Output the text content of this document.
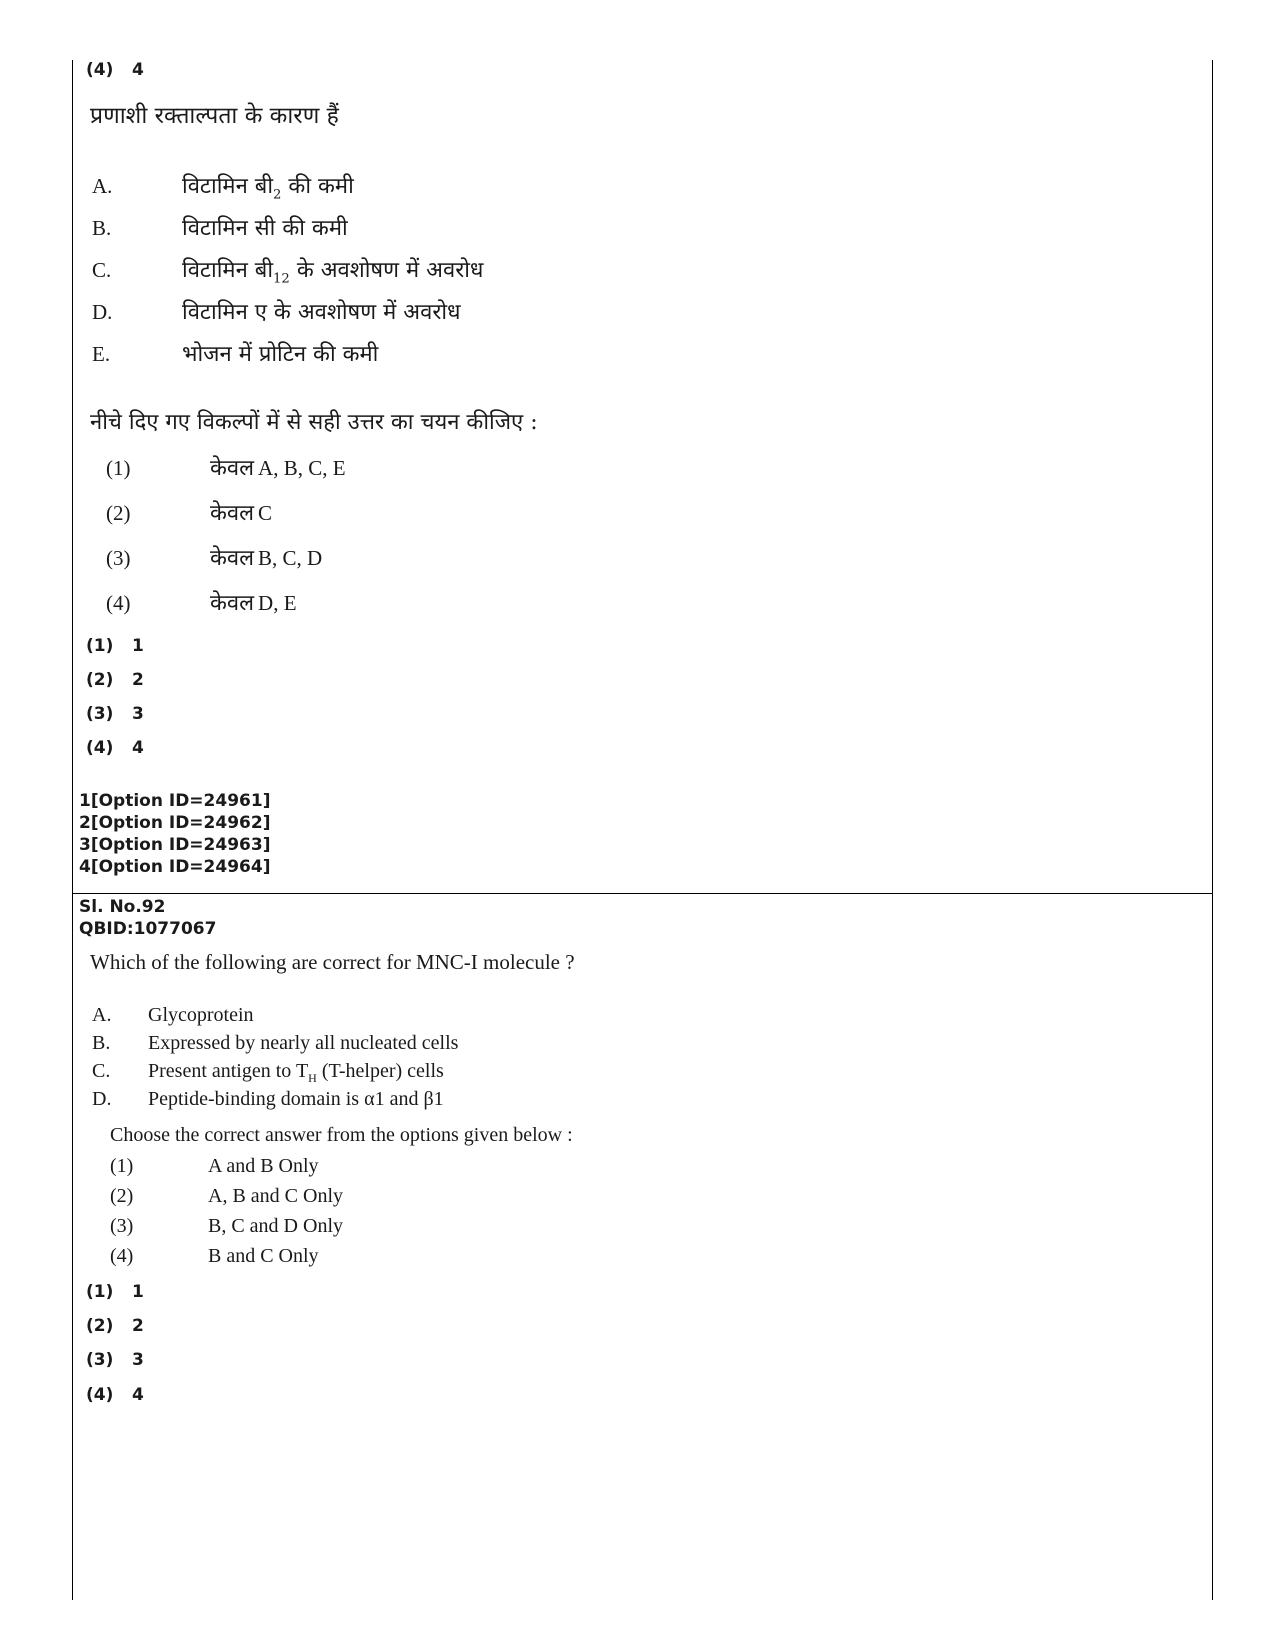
(4) 4
प्रणाशी रक्ताल्पता के कारण हैं
A.	विटामिन $बी_2$ की कमी
B.	विटामिन सी की कमी
C.	विटामिन $बी_{12}$ के अवशोषण में अवरोध
D.	विटामिन ए के अवशोषण में अवरोध
E.	भोजन में प्रोटिन की कमी
नीचे दिए गए विकल्पों में से सही उत्तर का चयन कीजिए :
(1)	केवल A, B, C, E
(2)	केवल C
(3)	केवल B, C, D
(4)	केवल D, E
(1) 1
(2) 2
(3) 3
(4) 4
1[Option ID=24961]
2[Option ID=24962]
3[Option ID=24963]
4[Option ID=24964]
Sl. No.92
QBID:1077067
Which of the following are correct for MNC-I molecule ?
A. Glycoprotein
B. Expressed by nearly all nucleated cells
C. Present antigen to $T_H$ (T-helper) cells
D. Peptide-binding domain is α1 and β1
Choose the correct answer from the options given below :
(1)	A and B Only
(2)	A, B and C Only
(3)	B, C and D Only
(4)	B and C Only
(1) 1
(2) 2
(3) 3
(4) 4
